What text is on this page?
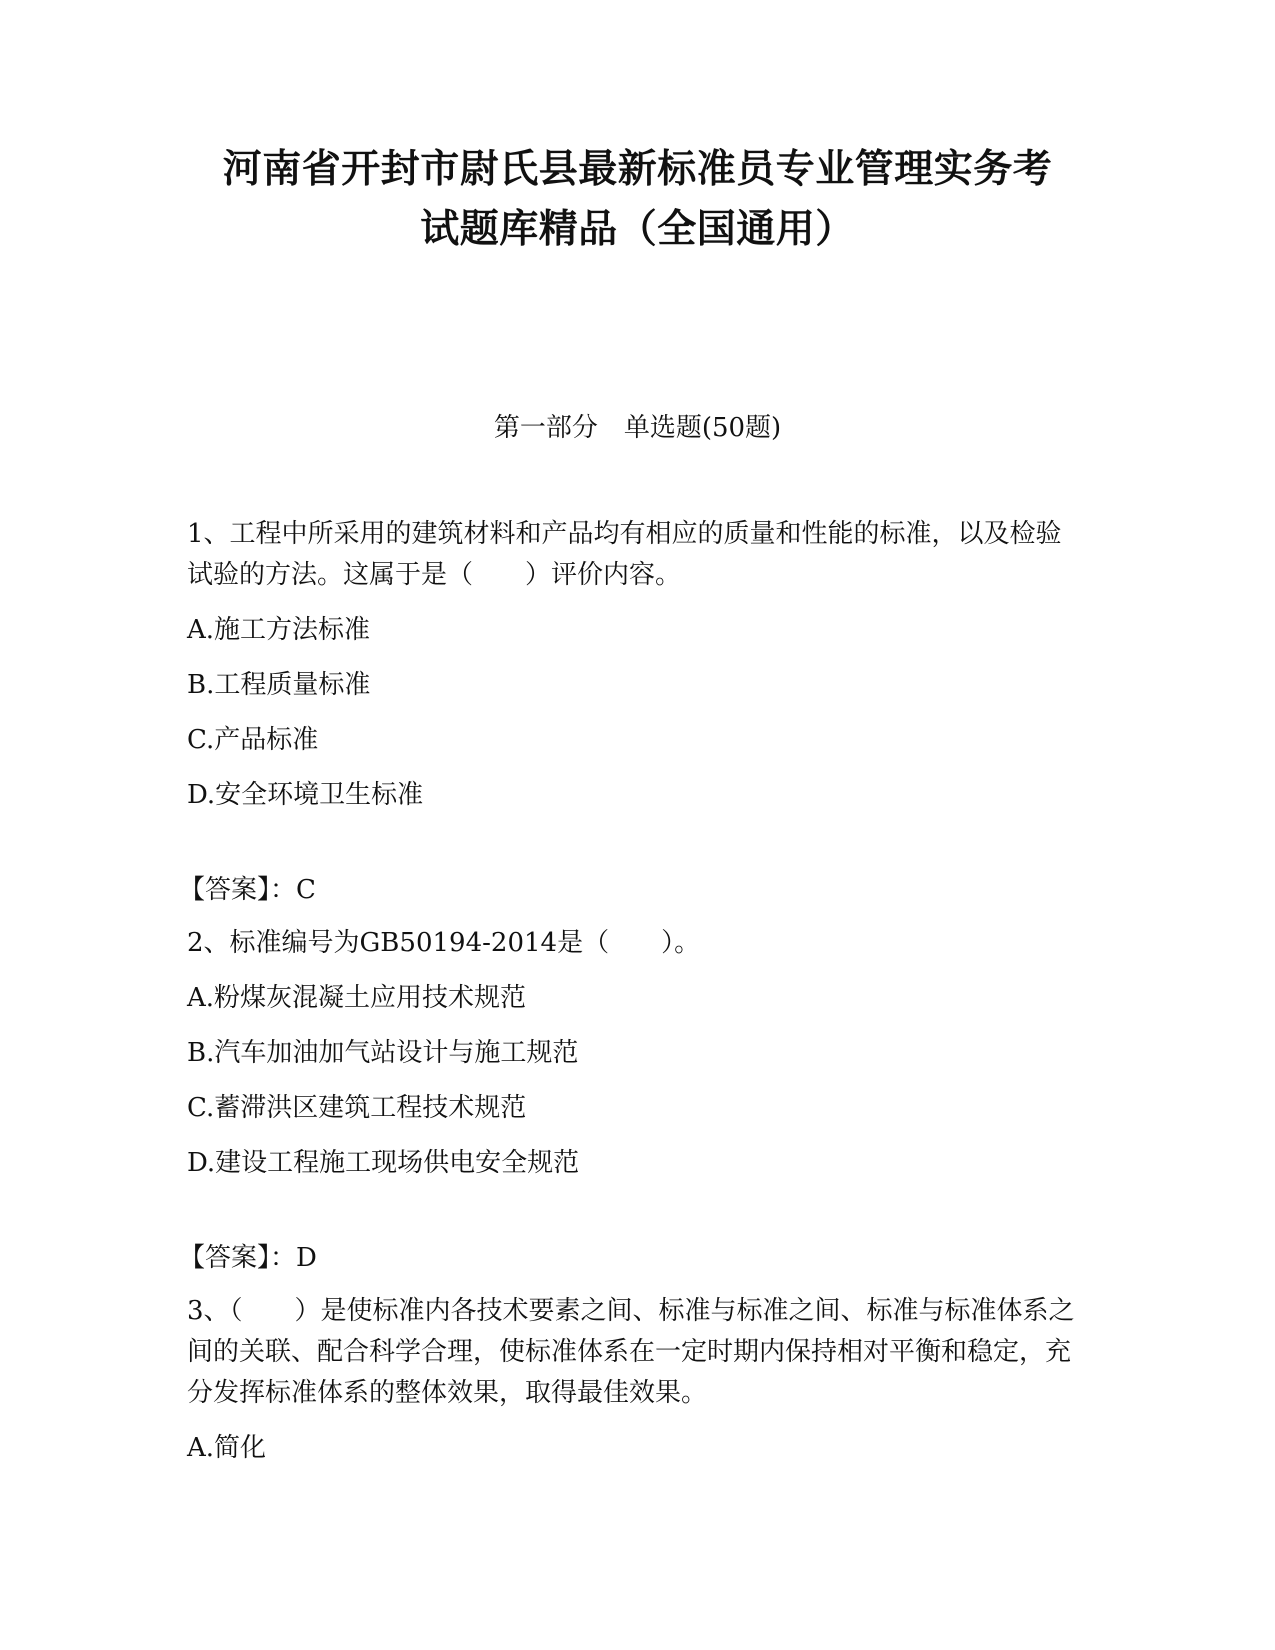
河南省开封市尉氏县最新标准员专业管理实务考
试题库精品（全国通用）
第一部分　单选题(50题)

1、工程中所采用的建筑材料和产品均有相应的质量和性能的标准，以及检验试验的方法。这属于是（　　）评价内容。

A.施工方法标准
B.工程质量标准
C.产品标准
D.安全环境卫生标准
【答案】：C

2、标准编号为GB50194-2014是（　　）。

A.粉煤灰混凝土应用技术规范
B.汽车加油加气站设计与施工规范
C.蓄滞洪区建筑工程技术规范
D.建设工程施工现场供电安全规范
【答案】：D

3、（　　）是使标准内各技术要素之间、标准与标准之间、标准与标准体系之间的关联、配合科学合理，使标准体系在一定时期内保持相对平衡和稳定，充分发挥标准体系的整体效果，取得最佳效果。

A.简化
